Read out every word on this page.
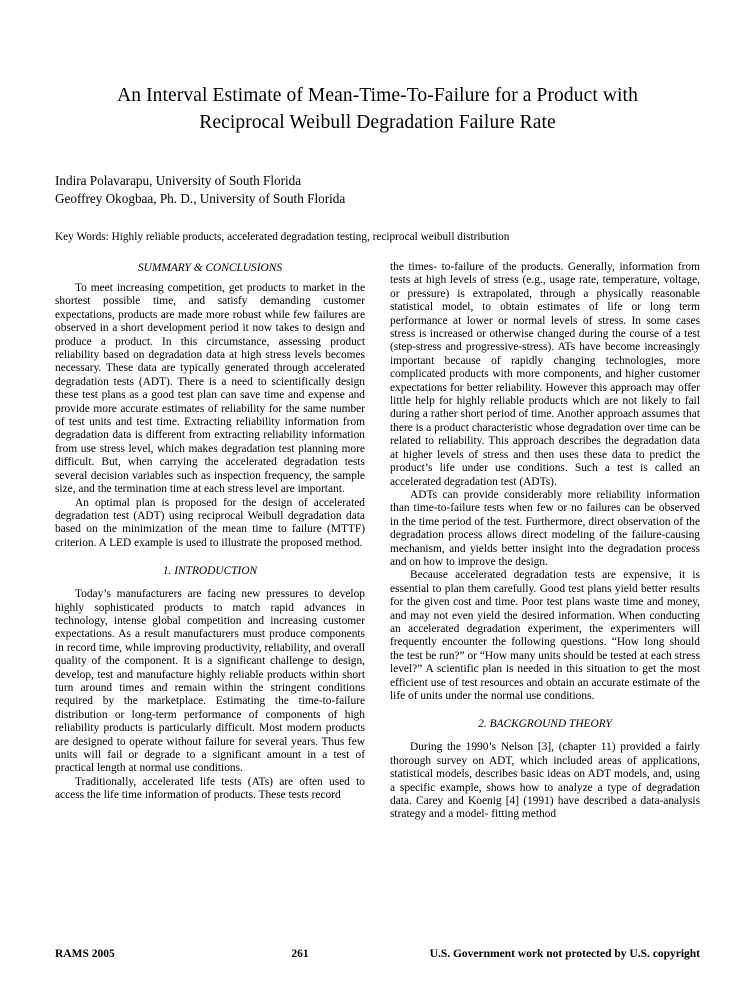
An Interval Estimate of Mean-Time-To-Failure for a Product with
Reciprocal Weibull Degradation Failure Rate
Indira Polavarapu, University of South Florida
Geoffrey Okogbaa, Ph. D., University of South Florida
Key Words: Highly reliable products, accelerated degradation testing, reciprocal weibull distribution
SUMMARY & CONCLUSIONS

To meet increasing competition, get products to market in the shortest possible time, and satisfy demanding customer expectations, products are made more robust while few failures are observed in a short development period it now takes to design and produce a product. In this circumstance, assessing product reliability based on degradation data at high stress levels becomes necessary. These data are typically generated through accelerated degradation tests (ADT). There is a need to scientifically design these test plans as a good test plan can save time and expense and provide more accurate estimates of reliability for the same number of test units and test time. Extracting reliability information from degradation data is different from extracting reliability information from use stress level, which makes degradation test planning more difficult. But, when carrying the accelerated degradation tests several decision variables such as inspection frequency, the sample size, and the termination time at each stress level are important.

An optimal plan is proposed for the design of accelerated degradation test (ADT) using reciprocal Weibull degradation data based on the minimization of the mean time to failure (MTTF) criterion. A LED example is used to illustrate the proposed method.

1. INTRODUCTION

Today’s manufacturers are facing new pressures to develop highly sophisticated products to match rapid advances in technology, intense global competition and increasing customer expectations. As a result manufacturers must produce components in record time, while improving productivity, reliability, and overall quality of the component. It is a significant challenge to design, develop, test and manufacture highly reliable products within short turn around times and remain within the stringent conditions required by the marketplace. Estimating the time-to-failure distribution or long-term performance of components of high reliability products is particularly difficult. Most modern products are designed to operate without failure for several years. Thus few units will fail or degrade to a significant amount in a test of practical length at normal use conditions.

Traditionally, accelerated life tests (ATs) are often used to access the life time information of products. These tests record

the times- to-failure of the products. Generally, information from tests at high levels of stress (e.g., usage rate, temperature, voltage, or pressure) is extrapolated, through a physically reasonable statistical model, to obtain estimates of life or long term performance at lower or normal levels of stress. In some cases stress is increased or otherwise changed during the course of a test (step-stress and progressive-stress). ATs have become increasingly important because of rapidly changing technologies, more complicated products with more components, and higher customer expectations for better reliability. However this approach may offer little help for highly reliable products which are not likely to fail during a rather short period of time. Another approach assumes that there is a product characteristic whose degradation over time can be related to reliability. This approach describes the degradation data at higher levels of stress and then uses these data to predict the product’s life under use conditions. Such a test is called an accelerated degradation test (ADTs).

ADTs can provide considerably more reliability information than time-to-failure tests when few or no failures can be observed in the time period of the test. Furthermore, direct observation of the degradation process allows direct modeling of the failure-causing mechanism, and yields better insight into the degradation process and on how to improve the design.

Because accelerated degradation tests are expensive, it is essential to plan them carefully. Good test plans yield better results for the given cost and time. Poor test plans waste time and money, and may not even yield the desired information. When conducting an accelerated degradation experiment, the experimenters will frequently encounter the following questions. “How long should the test be run?” or “How many units should be tested at each stress level?” A scientific plan is needed in this situation to get the most efficient use of test resources and obtain an accurate estimate of the life of units under the normal use conditions.

2. BACKGROUND THEORY

During the 1990’s Nelson [3], (chapter 11) provided a fairly thorough survey on ADT, which included areas of applications, statistical models, describes basic ideas on ADT models, and, using a specific example, shows how to analyze a type of degradation data. Carey and Koenig [4] (1991) have described a data-analysis strategy and a model- fitting method

RAMS 2005	261	U.S. Government work not protected by U.S. copyright
